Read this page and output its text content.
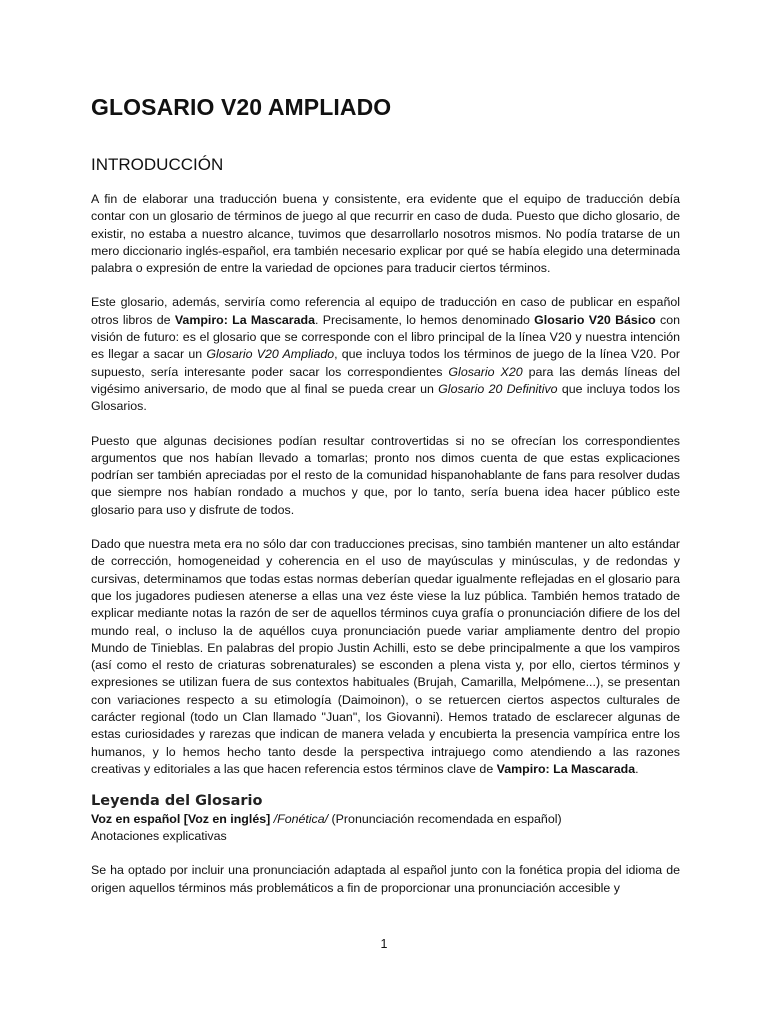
GLOSARIO V20 AMPLIADO
INTRODUCCIÓN

A fin de elaborar una traducción buena y consistente, era evidente que el equipo de traducción debía contar con un glosario de términos de juego al que recurrir en caso de duda. Puesto que dicho glosario, de existir, no estaba a nuestro alcance, tuvimos que desarrollarlo nosotros mismos. No podía tratarse de un mero diccionario inglés-español, era también necesario explicar por qué se había elegido una determinada palabra o expresión de entre la variedad de opciones para traducir ciertos términos.

Este glosario, además, serviría como referencia al equipo de traducción en caso de publicar en español otros libros de Vampiro: La Mascarada. Precisamente, lo hemos denominado Glosario V20 Básico con visión de futuro: es el glosario que se corresponde con el libro principal de la línea V20 y nuestra intención es llegar a sacar un Glosario V20 Ampliado, que incluya todos los términos de juego de la línea V20. Por supuesto, sería interesante poder sacar los correspondientes Glosario X20 para las demás líneas del vigésimo aniversario, de modo que al final se pueda crear un Glosario 20 Definitivo que incluya todos los Glosarios.

Puesto que algunas decisiones podían resultar controvertidas si no se ofrecían los correspondientes argumentos que nos habían llevado a tomarlas; pronto nos dimos cuenta de que estas explicaciones podrían ser también apreciadas por el resto de la comunidad hispanohablante de fans para resolver dudas que siempre nos habían rondado a muchos y que, por lo tanto, sería buena idea hacer público este glosario para uso y disfrute de todos.

Dado que nuestra meta era no sólo dar con traducciones precisas, sino también mantener un alto estándar de corrección, homogeneidad y coherencia en el uso de mayúsculas y minúsculas, y de redondas y cursivas, determinamos que todas estas normas deberían quedar igualmente reflejadas en el glosario para que los jugadores pudiesen atenerse a ellas una vez éste viese la luz pública. También hemos tratado de explicar mediante notas la razón de ser de aquellos términos cuya grafía o pronunciación difiere de los del mundo real, o incluso la de aquéllos cuya pronunciación puede variar ampliamente dentro del propio Mundo de Tinieblas. En palabras del propio Justin Achilli, esto se debe principalmente a que los vampiros (así como el resto de criaturas sobrenaturales) se esconden a plena vista y, por ello, ciertos términos y expresiones se utilizan fuera de sus contextos habituales (Brujah, Camarilla, Melpómene...), se presentan con variaciones respecto a su etimología (Daimoinon), o se retuercen ciertos aspectos culturales de carácter regional (todo un Clan llamado "Juan", los Giovanni). Hemos tratado de esclarecer algunas de estas curiosidades y rarezas que indican de manera velada y encubierta la presencia vampírica entre los humanos, y lo hemos hecho tanto desde la perspectiva intrajuego como atendiendo a las razones creativas y editoriales a las que hacen referencia estos términos clave de Vampiro: La Mascarada.

Leyenda del Glosario
Voz en español [Voz en inglés] /Fonética/ (Pronunciación recomendada en español)
Anotaciones explicativas

Se ha optado por incluir una pronunciación adaptada al español junto con la fonética propia del idioma de origen aquellos términos más problemáticos a fin de proporcionar una pronunciación accesible y

1
